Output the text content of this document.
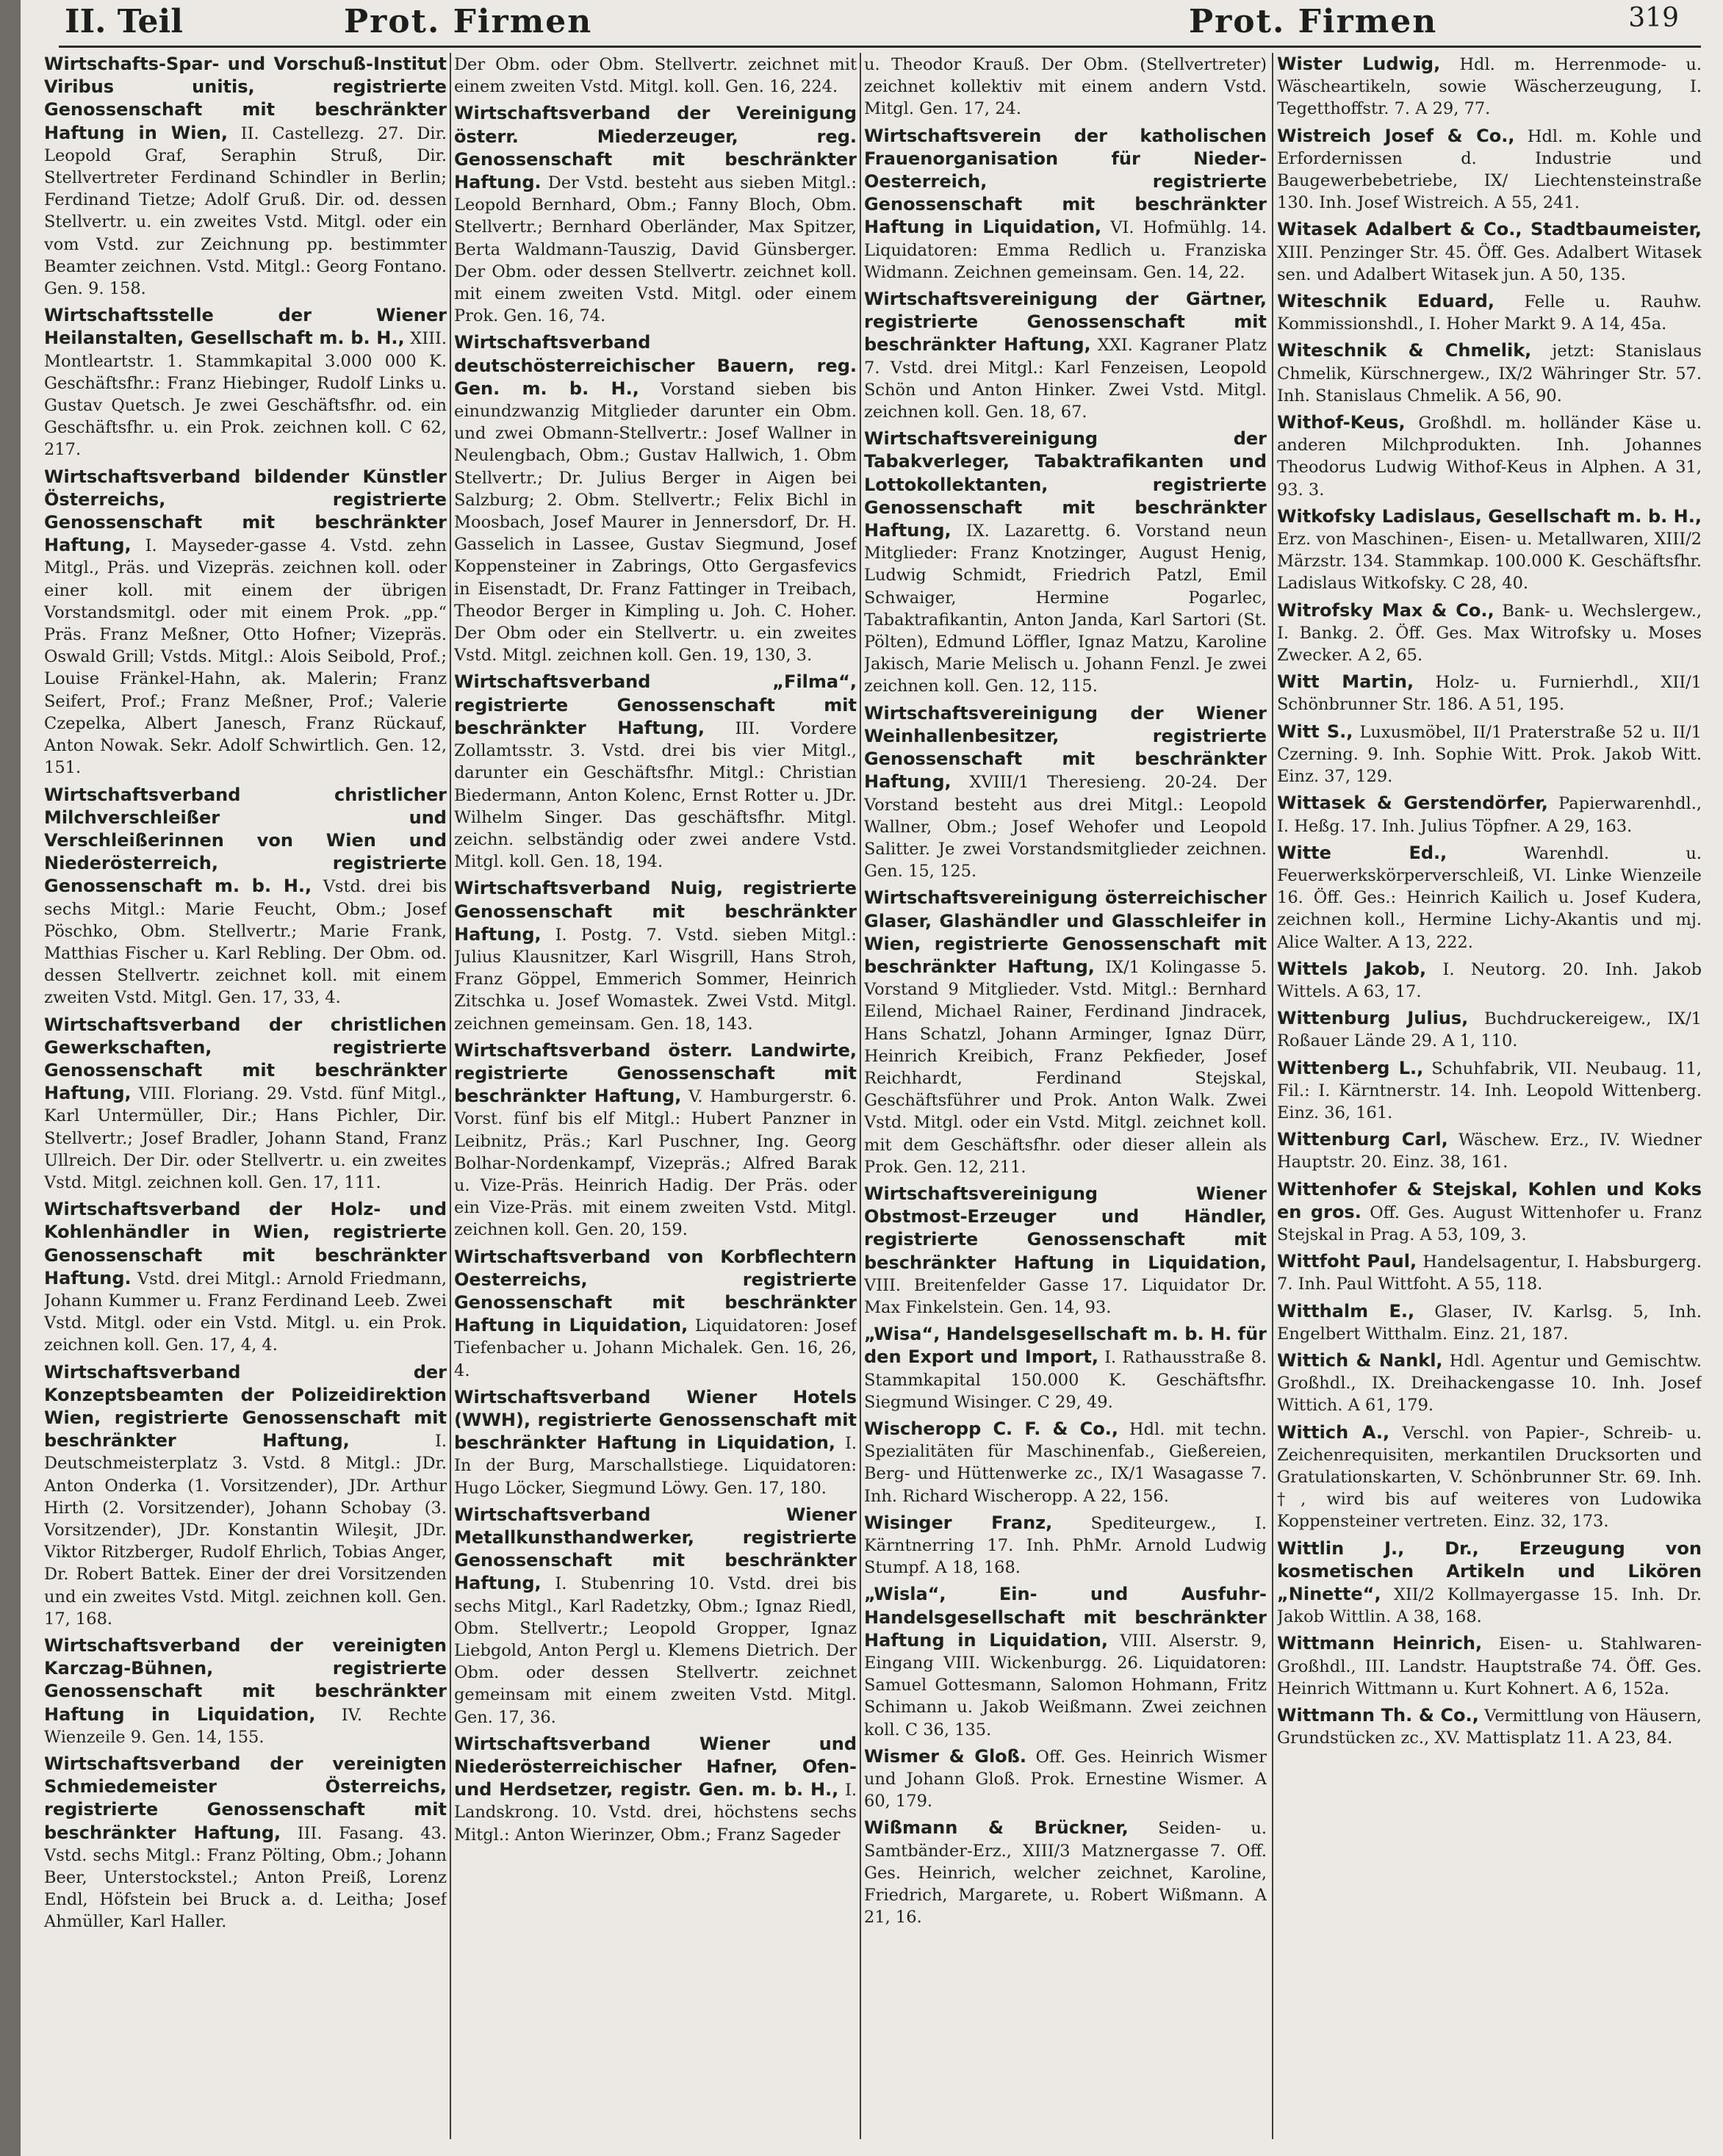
II. Teil	Prot. Firmen	Prot. Firmen	319

Wirtschafts-Spar- und Vorschuß-Institut Viribus unitis, registrierte Genossenschaft mit beschränkter Haftung in Wien, II. Castellezg. 27. Dir. Leopold Graf, Seraphin Struß, Dir. Stellvertreter Ferdinand Schindler in Berlin; Ferdinand Tietze; Adolf Gruß. Dir. od. dessen Stellvertr. u. ein zweites Vstd. Mitgl. oder ein vom Vstd. zur Zeichnung pp. bestimmter Beamter zeichnen. Vstd. Mitgl.: Georg Fontano. Gen. 9. 158.

Wirtschaftsstelle der Wiener Heilanstalten, Gesellschaft m. b. H., XIII. Montleartstr. 1. Stammkapital 3.000 000 K. Geschäftsfhr.: Franz Hiebinger, Rudolf Links u. Gustav Quetsch. Je zwei Geschäftsfhr. od. ein Geschäftsfhr. u. ein Prok. zeichnen koll. C 62, 217.

Wirtschaftsverband bildender Künstler Österreichs, registrierte Genossenschaft mit beschränkter Haftung, I. Mayseder-gasse 4. Vstd. zehn Mitgl., Präs. und Vizepräs. zeichnen koll. oder einer koll. mit einem der übrigen Vorstandsmitgl. oder mit einem Prok. „pp.“ Präs. Franz Meßner, Otto Hofner; Vizepräs. Oswald Grill; Vstds. Mitgl.: Alois Seibold, Prof.; Louise Fränkel-Hahn, ak. Malerin; Franz Seifert, Prof.; Franz Meßner, Prof.; Valerie Czepelka, Albert Janesch, Franz Rückauf, Anton Nowak. Sekr. Adolf Schwirtlich. Gen. 12, 151.

Wirtschaftsverband christlicher Milchverschleißer und Verschleißerinnen von Wien und Niederösterreich, registrierte Genossenschaft m. b. H., Vstd. drei bis sechs Mitgl.: Marie Feucht, Obm.; Josef Pöschko, Obm. Stellvertr.; Marie Frank, Matthias Fischer u. Karl Rebling. Der Obm. od. dessen Stellvertr. zeichnet koll. mit einem zweiten Vstd. Mitgl. Gen. 17, 33, 4.

Wirtschaftsverband der christlichen Gewerkschaften, registrierte Genossenschaft mit beschränkter Haftung, VIII. Floriang. 29. Vstd. fünf Mitgl., Karl Untermüller, Dir.; Hans Pichler, Dir. Stellvertr.; Josef Bradler, Johann Stand, Franz Ullreich. Der Dir. oder Stellvertr. u. ein zweites Vstd. Mitgl. zeichnen koll. Gen. 17, 111.

Wirtschaftsverband der Holz- und Kohlenhändler in Wien, registrierte Genossenschaft mit beschränkter Haftung. Vstd. drei Mitgl.: Arnold Friedmann, Johann Kummer u. Franz Ferdinand Leeb. Zwei Vstd. Mitgl. oder ein Vstd. Mitgl. u. ein Prok. zeichnen koll. Gen. 17, 4, 4.

Wirtschaftsverband der Konzeptsbeamten der Polizeidirektion Wien, registrierte Genossenschaft mit beschränkter Haftung,	I. Deutschmeisterplatz 3. Vstd. 8 Mitgl.: JDr. Anton Onderka (1. Vorsitzender), JDr. Arthur Hirth (2. Vorsitzender), Johann Schobay (3. Vorsitzender), JDr. Konstantin Wileşit, JDr. Viktor Ritzberger, Rudolf Ehrlich, Tobias Anger, Dr. Robert Battek. Einer der drei Vorsitzenden und ein zweites Vstd. Mitgl. zeichnen koll. Gen. 17, 168.

Wirtschaftsverband der vereinigten Karczag-Bühnen, registrierte Genossenschaft mit beschränkter Haftung in Liquidation, IV. Rechte Wienzeile 9. Gen. 14, 155.

Wirtschaftsverband der vereinigten Schmiedemeister Österreichs, registrierte Genossenschaft mit beschränkter Haftung, III. Fasang. 43. Vstd. sechs Mitgl.: Franz Pölting, Obm.; Johann Beer, Unterstockstel.; Anton Preiß, Lorenz Endl, Höfstein bei Bruck a. d. Leitha; Josef Ahmüller, Karl Haller.

Der Obm. oder Obm. Stellvertr. zeichnet mit einem zweiten Vstd. Mitgl. koll. Gen. 16, 224.

Wirtschaftsverband der Vereinigung österr. Miederzeuger, reg. Genossenschaft mit beschränkter Haftung. Der Vstd. besteht aus sieben Mitgl.: Leopold Bernhard, Obm.; Fanny Bloch, Obm. Stellvertr.; Bernhard Oberländer, Max Spitzer, Berta Waldmann-Tauszig, David Günsberger. Der Obm. oder dessen Stellvertr. zeichnet koll. mit einem zweiten Vstd. Mitgl. oder einem Prok. Gen. 16, 74.

Wirtschaftsverband deutschösterreichischer Bauern, reg. Gen. m. b. H., Vorstand sieben bis einundzwanzig Mitglieder darunter ein Obm. und zwei Obmann-Stellvertr.: Josef Wallner in Neulengbach, Obm.; Gustav Hallwich, 1. Obm Stellvertr.; Dr. Julius Berger in Aigen bei Salzburg; 2. Obm. Stellvertr.; Felix Bichl in Moosbach, Josef Maurer in Jennersdorf, Dr. H. Gasselich in Lassee, Gustav Siegmund, Josef Koppensteiner in Zabrings, Otto Gergasfevics in Eisenstadt, Dr. Franz Fattinger in Treibach, Theodor Berger in Kimpling u. Joh. C. Hoher. Der Obm oder ein Stellvertr. u. ein zweites Vstd. Mitgl. zeichnen koll. Gen. 19, 130, 3.

Wirtschaftsverband „Filma“, registrierte Genossenschaft mit beschränkter Haftung, III. Vordere Zollamtsstr. 3. Vstd. drei bis vier Mitgl., darunter ein Geschäftsfhr. Mitgl.: Christian Biedermann, Anton Kolenc, Ernst Rotter u. JDr. Wilhelm Singer. Das geschäftsfhr. Mitgl. zeichn. selbständig oder zwei andere Vstd. Mitgl. koll. Gen. 18, 194.

Wirtschaftsverband Nuig, registrierte Genossenschaft mit beschränkter Haftung, I. Postg. 7. Vstd. sieben Mitgl.: Julius Klausnitzer, Karl Wisgrill, Hans Stroh, Franz Göppel, Emmerich Sommer, Heinrich Zitschka u. Josef Womastek. Zwei Vstd. Mitgl. zeichnen gemeinsam. Gen. 18, 143.

Wirtschaftsverband österr. Landwirte, registrierte Genossenschaft mit beschränkter Haftung, V. Hamburgerstr. 6. Vorst. fünf bis elf Mitgl.: Hubert Panzner in Leibnitz, Präs.; Karl Puschner, Ing. Georg Bolhar-Nordenkampf, Vizepräs.; Alfred Barak u. Vize-Präs. Heinrich Hadig. Der Präs. oder ein Vize-Präs. mit einem zweiten Vstd. Mitgl. zeichnen koll. Gen. 20, 159.

Wirtschaftsverband von Korbflechtern Oesterreichs, registrierte Genossenschaft mit beschränkter Haftung in Liquidation, Liquidatoren: Josef Tiefenbacher u. Johann Michalek. Gen. 16, 26, 4.

Wirtschaftsverband Wiener Hotels (WWH), registrierte Genossenschaft mit beschränkter Haftung in Liquidation, I. In der Burg, Marschallstiege. Liquidatoren: Hugo Löcker, Siegmund Löwy. Gen. 17, 180.

Wirtschaftsverband Wiener Metallkunsthandwerker, registrierte Genossenschaft mit beschränkter Haftung, I. Stubenring 10. Vstd. drei bis sechs Mitgl., Karl Radetzky, Obm.; Ignaz Riedl, Obm. Stellvertr.; Leopold Gropper, Ignaz Liebgold, Anton Pergl u. Klemens Dietrich. Der Obm. oder dessen Stellvertr. zeichnet gemeinsam mit einem zweiten Vstd. Mitgl. Gen. 17, 36.

Wirtschaftsverband Wiener und Niederösterreichischer Hafner, Ofen- und Herdsetzer, registr. Gen. m. b. H., I. Landskrong. 10. Vstd. drei, höchstens sechs Mitgl.: Anton Wierinzer, Obm.; Franz Sageder

u. Theodor Krauß. Der Obm. (Stellvertreter) zeichnet kollektiv mit einem andern Vstd. Mitgl. Gen. 17, 24.

Wirtschaftsverein der katholischen Frauenorganisation für Nieder-Oesterreich, registrierte Genossenschaft mit beschränkter Haftung in Liquidation, VI. Hofmühlg. 14. Liquidatoren: Emma Redlich u. Franziska Widmann. Zeichnen gemeinsam. Gen. 14, 22.

Wirtschaftsvereinigung der Gärtner, registrierte Genossenschaft mit beschränkter Haftung, XXI. Kagraner Platz 7. Vstd. drei Mitgl.: Karl Fenzeisen, Leopold Schön und Anton Hinker. Zwei Vstd. Mitgl. zeichnen koll. Gen. 18, 67.

Wirtschaftsvereinigung der Tabakverleger, Tabaktrafikanten und Lottokollektanten, registrierte Genossenschaft mit beschränkter Haftung, IX. Lazarettg. 6. Vorstand neun Mitglieder: Franz Knotzinger, August Henig, Ludwig Schmidt, Friedrich Patzl, Emil Schwaiger, Hermine Pogarlec, Tabaktrafikantin, Anton Janda, Karl Sartori (St. Pölten), Edmund Löffler, Ignaz Matzu, Karoline Jakisch, Marie Melisch u. Johann Fenzl. Je zwei zeichnen koll. Gen. 12, 115.

Wirtschaftsvereinigung der Wiener Weinhallenbesitzer, registrierte Genossenschaft mit beschränkter Haftung, XVIII/1 Theresieng. 20-24. Der Vorstand besteht aus drei Mitgl.: Leopold Wallner, Obm.; Josef Wehofer und Leopold Salitter. Je zwei Vorstandsmitglieder zeichnen. Gen. 15, 125.

Wirtschaftsvereinigung österreichischer Glaser, Glashändler und Glasschleifer in Wien, registrierte Genossenschaft mit beschränkter Haftung, IX/1 Kolingasse 5. Vorstand 9 Mitglieder. Vstd. Mitgl.: Bernhard Eilend, Michael Rainer, Ferdinand Jindracek, Hans Schatzl, Johann Arminger, Ignaz Dürr, Heinrich Kreibich, Franz Pekfieder, Josef Reichhardt, Ferdinand Stejskal, Geschäftsführer und Prok. Anton Walk. Zwei Vstd. Mitgl. oder ein Vstd. Mitgl. zeichnet koll. mit dem Geschäftsfhr. oder dieser allein als Prok. Gen. 12, 211.

Wirtschaftsvereinigung Wiener Obstmost-Erzeuger und Händler, registrierte Genossenschaft mit beschränkter Haftung in Liquidation, VIII. Breitenfelder Gasse 17. Liquidator Dr. Max Finkelstein. Gen. 14, 93.

„Wisa“, Handelsgesellschaft m. b. H. für den Export und Import, I. Rathausstraße 8. Stammkapital 150.000 K. Geschäftsfhr. Siegmund Wisinger. C 29, 49.

Wischeropp C. F. & Co., Hdl. mit techn. Spezialitäten für Maschinenfab., Gießereien, Berg- und Hüttenwerke zc., IX/1 Wasagasse 7. Inh. Richard Wischeropp. A 22, 156.

Wisinger Franz, Spediteurgew., I. Kärntnerring 17. Inh. PhMr. Arnold Ludwig Stumpf. A 18, 168.

„Wisla“, Ein- und Ausfuhr-Handelsgesellschaft mit beschränkter Haftung in Liquidation, VIII. Alserstr. 9, Eingang VIII. Wickenburgg. 26. Liquidatoren: Samuel Gottesmann, Salomon Hohmann, Fritz Schimann u. Jakob Weißmann. Zwei zeichnen koll. C 36, 135.

Wismer & Gloß. Off. Ges. Heinrich Wismer und Johann Gloß. Prok. Ernestine Wismer. A 60, 179.

Wißmann & Brückner, Seiden- u. Samtbänder-Erz., XIII/3 Matznergasse 7. Off. Ges. Heinrich, welcher zeichnet, Karoline, Friedrich, Margarete, u. Robert Wißmann. A 21, 16.

Wister Ludwig, Hdl. m. Herrenmode- u. Wäscheartikeln, sowie Wäscherzeugung, I. Tegetthoffstr. 7. A 29, 77.

Wistreich Josef & Co., Hdl. m. Kohle und Erfordernissen d. Industrie und Baugewerbebetriebe, IX/ Liechtensteinstraße 130. Inh. Josef Wistreich. A 55, 241.

Witasek Adalbert & Co., Stadtbaumeister, XIII. Penzinger Str. 45. Öff. Ges. Adalbert Witasek sen. und Adalbert Witasek jun. A 50, 135.

Witeschnik Eduard, Felle u. Rauhw. Kommissionshdl., I. Hoher Markt 9. A 14, 45a.

Witeschnik & Chmelik, jetzt: Stanislaus Chmelik, Kürschnergew., IX/2 Währinger Str. 57. Inh. Stanislaus Chmelik. A 56, 90.

Withof-Keus, Großhdl. m. holländer Käse u. anderen Milchprodukten. Inh. Johannes Theodorus Ludwig Withof-Keus in Alphen. A 31, 93. 3.

Witkofsky Ladislaus, Gesellschaft m. b. H., Erz. von Maschinen-, Eisen- u. Metallwaren, XIII/2 Märzstr. 134. Stammkap. 100.000 K. Geschäftsfhr. Ladislaus Witkofsky. C 28, 40.

Witrofsky Max & Co., Bank- u. Wechslergew., I. Bankg. 2. Öff. Ges. Max Witrofsky u. Moses Zwecker. A 2, 65.

Witt Martin, Holz- u. Furnierhdl., XII/1 Schönbrunner Str. 186. A 51, 195.

Witt S., Luxusmöbel, II/1 Praterstraße 52 u. II/1 Czerning. 9. Inh. Sophie Witt. Prok. Jakob Witt. Einz. 37, 129.

Wittasek & Gerstendörfer, Papierwarenhdl., I. Heßg. 17. Inh. Julius Töpfner. A 29, 163.

Witte Ed.,	Warenhdl. u. Feuerwerkskörperverschleiß, VI. Linke Wienzeile 16. Öff. Ges.: Heinrich Kailich u. Josef Kudera, zeichnen koll., Hermine Lichy-Akantis und mj. Alice Walter. A 13, 222.

Wittels Jakob, I. Neutorg. 20. Inh. Jakob Wittels. A 63, 17.

Wittenburg Julius, Buchdruckereigew., IX/1 Roßauer Lände 29. A 1, 110.

Wittenberg L., Schuhfabrik, VII. Neubaug. 11, Fil.: I. Kärntnerstr. 14. Inh. Leopold Wittenberg. Einz. 36, 161.

Wittenburg Carl, Wäschew. Erz., IV. Wiedner Hauptstr. 20. Einz. 38, 161.

Wittenhofer & Stejskal, Kohlen und Koks en gros. Off. Ges. August Wittenhofer u. Franz Stejskal in Prag. A 53, 109, 3.

Wittfoht Paul, Handelsagentur, I. Habsburgerg. 7. Inh. Paul Wittfoht. A 55, 118.

Witthalm E., Glaser, IV. Karlsg. 5, Inh. Engelbert Witthalm. Einz. 21, 187.

Wittich & Nankl, Hdl. Agentur und Gemischtw. Großhdl., IX. Dreihackengasse 10. Inh. Josef Wittich. A 61, 179.

Wittich A., Verschl. von Papier-, Schreib- u. Zeichenrequisiten, merkantilen Drucksorten und Gratulationskarten, V. Schönbrunner Str. 69. Inh. †, wird bis auf weiteres von Ludowika Koppensteiner vertreten. Einz. 32, 173.

Wittlin J., Dr., Erzeugung von kosmetischen Artikeln und Likören „Ninette“, XII/2 Kollmayergasse 15. Inh. Dr. Jakob Wittlin. A 38, 168.

Wittmann Heinrich, Eisen- u. Stahlwaren-Großhdl., III. Landstr. Hauptstraße 74. Öff. Ges. Heinrich Wittmann u. Kurt Kohnert. A 6, 152a.

Wittmann Th. & Co., Vermittlung von Häusern, Grundstücken zc., XV. Mattisplatz 11. A 23, 84.
